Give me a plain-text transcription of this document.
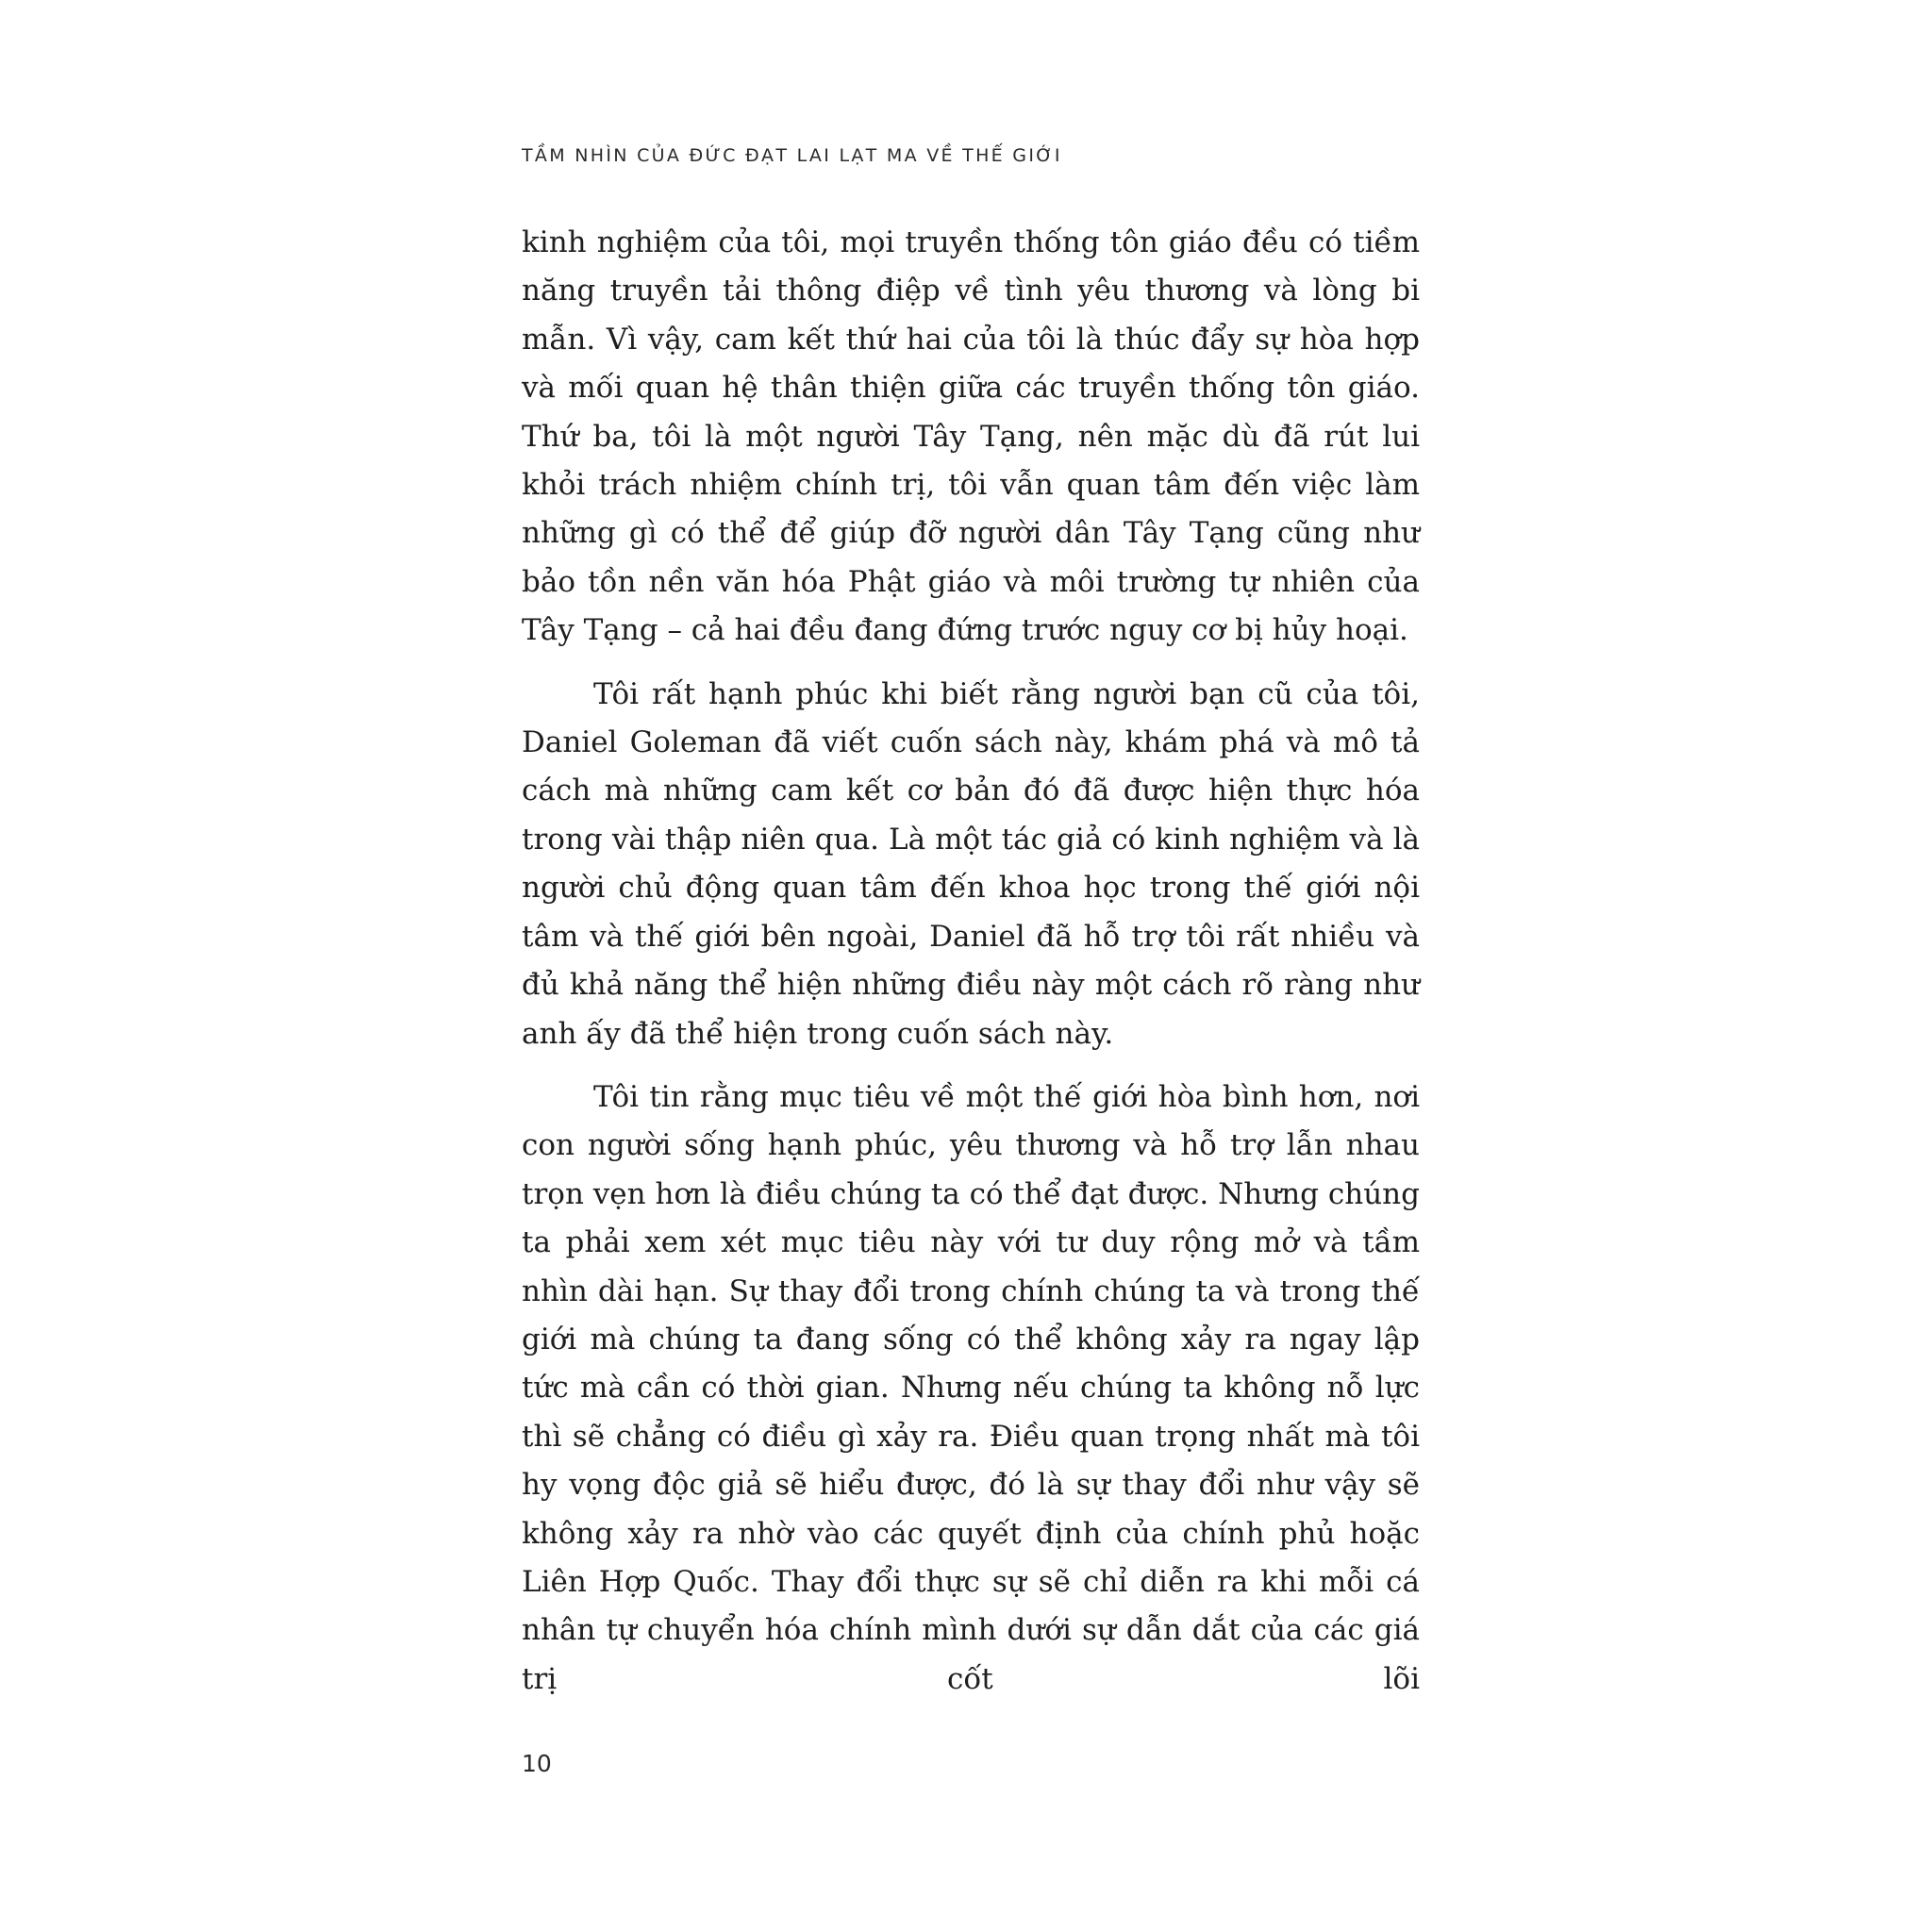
TẦM NHÌN CỦA ĐỨC ĐẠT LAI LẠT MA VỀ THẾ GIỚI

kinh nghiệm của tôi, mọi truyền thống tôn giáo đều có tiềm năng truyền tải thông điệp về tình yêu thương và lòng bi mẫn. Vì vậy, cam kết thứ hai của tôi là thúc đẩy sự hòa hợp và mối quan hệ thân thiện giữa các truyền thống tôn giáo. Thứ ba, tôi là một người Tây Tạng, nên mặc dù đã rút lui khỏi trách nhiệm chính trị, tôi vẫn quan tâm đến việc làm những gì có thể để giúp đỡ người dân Tây Tạng cũng như bảo tồn nền văn hóa Phật giáo và môi trường tự nhiên của Tây Tạng – cả hai đều đang đứng trước nguy cơ bị hủy hoại.

Tôi rất hạnh phúc khi biết rằng người bạn cũ của tôi, Daniel Goleman đã viết cuốn sách này, khám phá và mô tả cách mà những cam kết cơ bản đó đã được hiện thực hóa trong vài thập niên qua. Là một tác giả có kinh nghiệm và là người chủ động quan tâm đến khoa học trong thế giới nội tâm và thế giới bên ngoài, Daniel đã hỗ trợ tôi rất nhiều và đủ khả năng thể hiện những điều này một cách rõ ràng như anh ấy đã thể hiện trong cuốn sách này.

Tôi tin rằng mục tiêu về một thế giới hòa bình hơn, nơi con người sống hạnh phúc, yêu thương và hỗ trợ lẫn nhau trọn vẹn hơn là điều chúng ta có thể đạt được. Nhưng chúng ta phải xem xét mục tiêu này với tư duy rộng mở và tầm nhìn dài hạn. Sự thay đổi trong chính chúng ta và trong thế giới mà chúng ta đang sống có thể không xảy ra ngay lập tức mà cần có thời gian. Nhưng nếu chúng ta không nỗ lực thì sẽ chẳng có điều gì xảy ra. Điều quan trọng nhất mà tôi hy vọng độc giả sẽ hiểu được, đó là sự thay đổi như vậy sẽ không xảy ra nhờ vào các quyết định của chính phủ hoặc Liên Hợp Quốc. Thay đổi thực sự sẽ chỉ diễn ra khi mỗi cá nhân tự chuyển hóa chính mình dưới sự dẫn dắt của các giá trị cốt lõi

10
